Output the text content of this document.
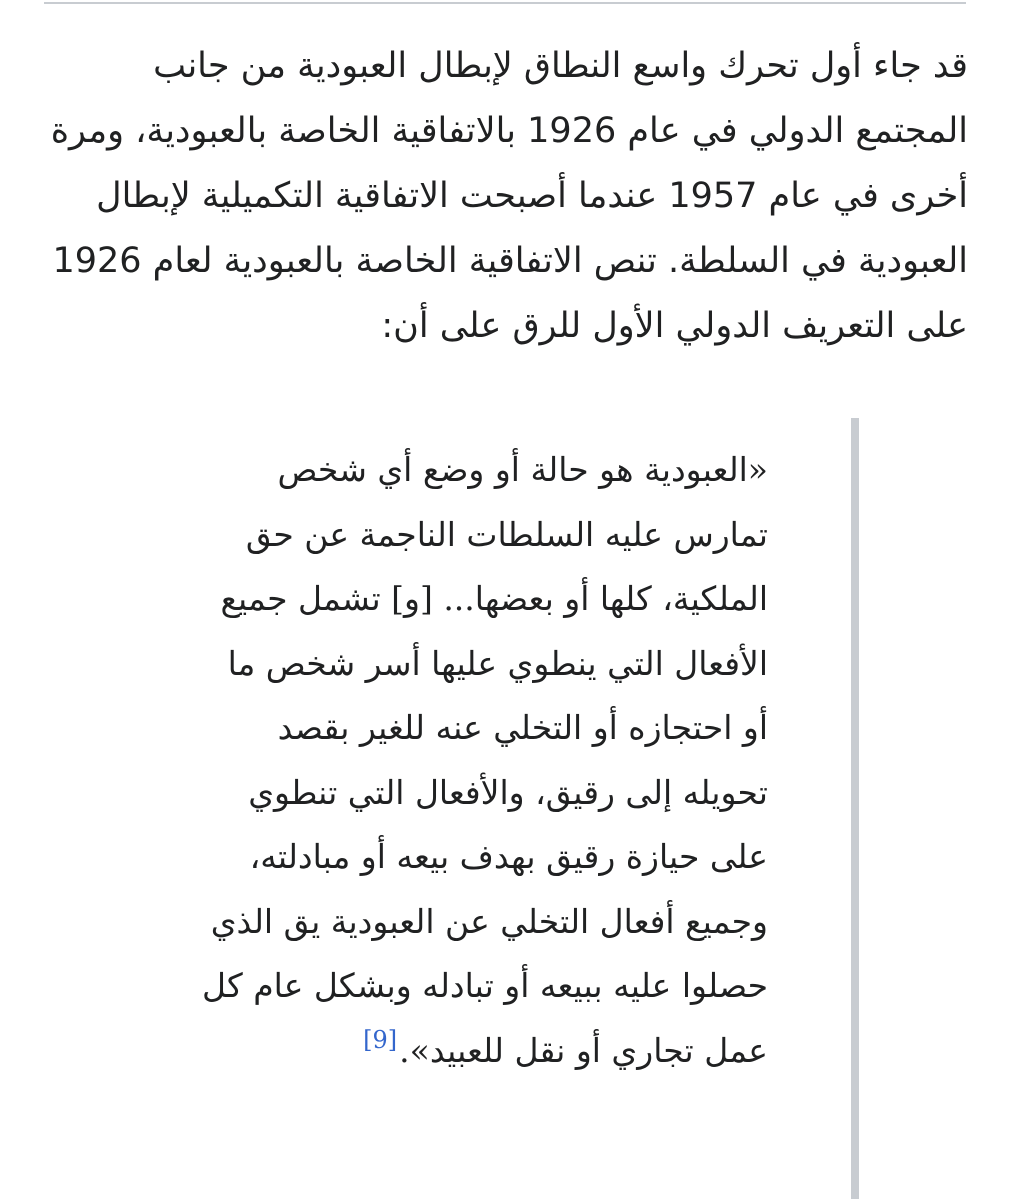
قد جاء أول تحرك واسع النطاق لإبطال العبودية من جانب المجتمع الدولي في عام 1926 بالاتفاقية الخاصة بالعبودية، ومرة أخرى في عام 1957 عندما أصبحت الاتفاقية التكميلية لإبطال العبودية في السلطة. تنص الاتفاقية الخاصة بالعبودية لعام 1926 على التعريف الدولي الأول للرق على أن:

«العبودية هو حالة أو وضع أي شخص تمارس عليه السلطات الناجمة عن حق الملكية، كلها أو بعضها... [و] تشمل جميع الأفعال التي ينطوي عليها أسر شخص ما أو احتجازه أو التخلي عنه للغير بقصد تحويله إلى رقيق، والأفعال التي تنطوي على حيازة رقيق بهدف بيعه أو مبادلته، وجميع أفعال التخلي عن العبودية يق الذي حصلوا عليه ببيعه أو تبادله وبشكل عام كل عمل تجاري أو نقل للعبيد».[9]
